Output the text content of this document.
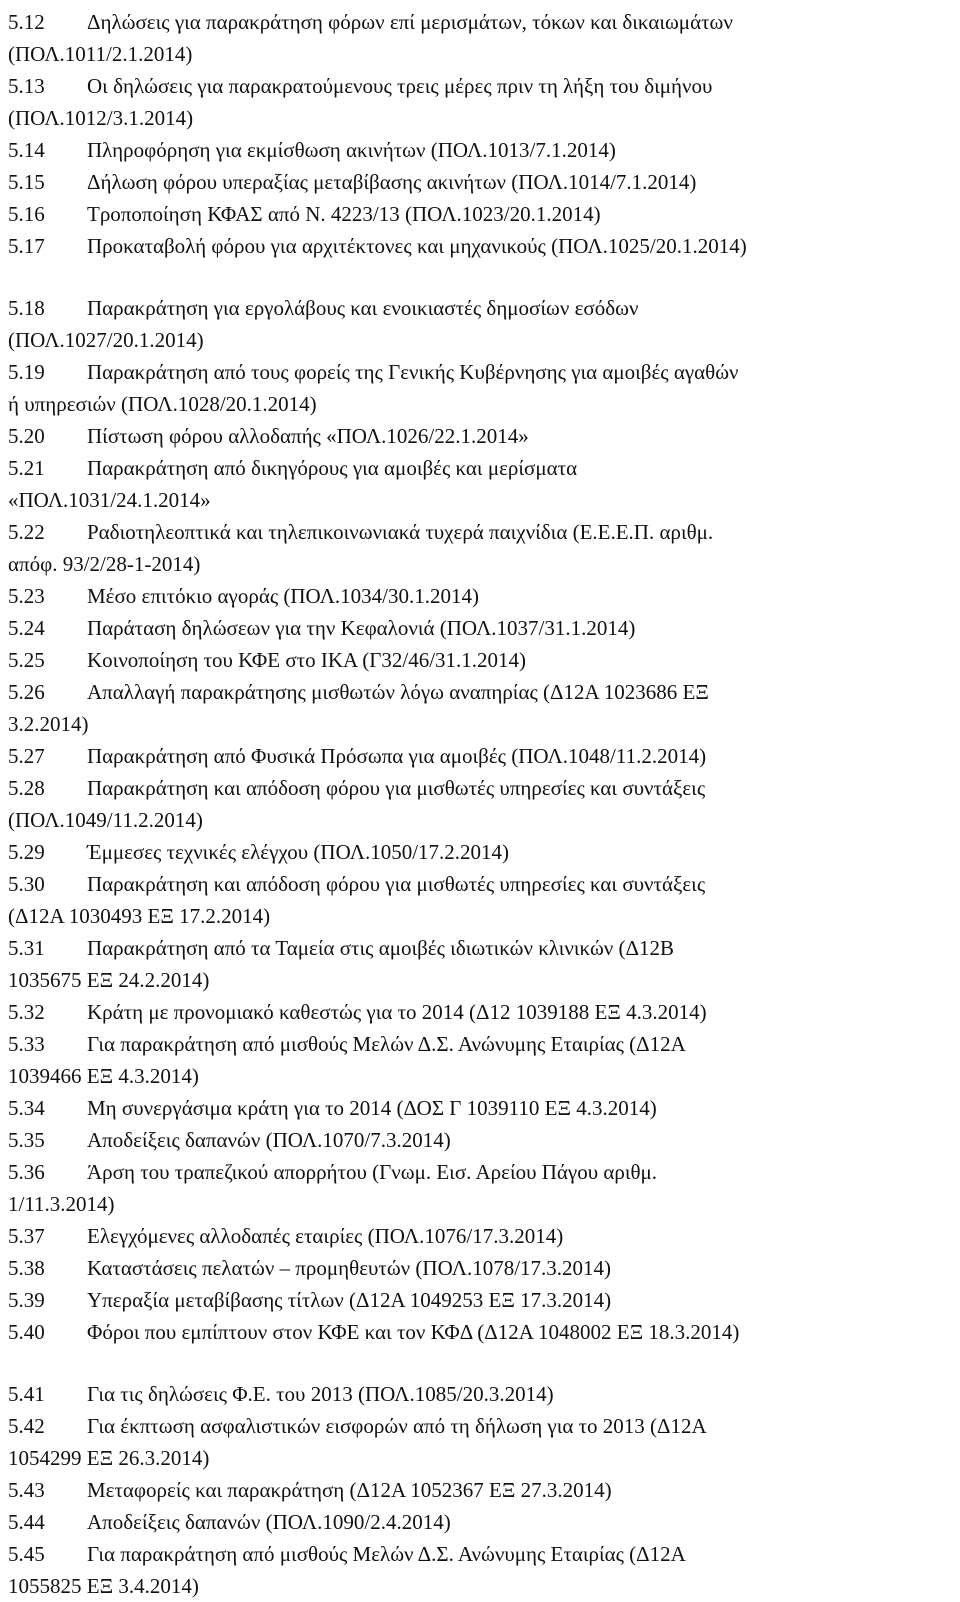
5.12 Δηλώσεις για παρακράτηση φόρων επί μερισμάτων, τόκων και δικαιωμάτων
(ΠΟΛ.1011/2.1.2014)
5.13 Οι δηλώσεις για παρακρατούμενους τρεις μέρες πριν τη λήξη του διμήνου
(ΠΟΛ.1012/3.1.2014)
5.14 Πληροφόρηση για εκμίσθωση ακινήτων (ΠΟΛ.1013/7.1.2014)
5.15 Δήλωση φόρου υπεραξίας μεταβίβασης ακινήτων (ΠΟΛ.1014/7.1.2014)
5.16 Τροποποίηση ΚΦΑΣ από Ν. 4223/13 (ΠΟΛ.1023/20.1.2014)
5.17 Προκαταβολή φόρου για αρχιτέκτονες και μηχανικούς (ΠΟΛ.1025/20.1.2014)
5.18 Παρακράτηση για εργολάβους και ενοικιαστές δημοσίων εσόδων
(ΠΟΛ.1027/20.1.2014)
5.19 Παρακράτηση από τους φορείς της Γενικής Κυβέρνησης για αμοιβές αγαθών
ή υπηρεσιών (ΠΟΛ.1028/20.1.2014)
5.20 Πίστωση φόρου αλλοδαπής «ΠΟΛ.1026/22.1.2014»
5.21 Παρακράτηση από δικηγόρους για αμοιβές και μερίσματα
«ΠΟΛ.1031/24.1.2014»
5.22 Ραδιοτηλεοπτικά και τηλεπικοινωνιακά τυχερά παιχνίδια (Ε.Ε.Ε.Π. αριθμ.
απόφ. 93/2/28-1-2014)
5.23 Μέσο επιτόκιο αγοράς (ΠΟΛ.1034/30.1.2014)
5.24 Παράταση δηλώσεων για την Κεφαλονιά (ΠΟΛ.1037/31.1.2014)
5.25 Κοινοποίηση του ΚΦΕ στο ΙΚΑ (Γ32/46/31.1.2014)
5.26 Απαλλαγή παρακράτησης μισθωτών λόγω αναπηρίας (Δ12Α 1023686 ΕΞ
3.2.2014)
5.27 Παρακράτηση από Φυσικά Πρόσωπα για αμοιβές (ΠΟΛ.1048/11.2.2014)
5.28 Παρακράτηση και απόδοση φόρου για μισθωτές υπηρεσίες και συντάξεις
(ΠΟΛ.1049/11.2.2014)
5.29 Έμμεσες τεχνικές ελέγχου (ΠΟΛ.1050/17.2.2014)
5.30 Παρακράτηση και απόδοση φόρου για μισθωτές υπηρεσίες και συντάξεις
(Δ12Α 1030493 ΕΞ 17.2.2014)
5.31 Παρακράτηση από τα Ταμεία στις αμοιβές ιδιωτικών κλινικών (Δ12Β
1035675 ΕΞ 24.2.2014)
5.32 Κράτη με προνομιακό καθεστώς για το 2014 (Δ12 1039188 ΕΞ 4.3.2014)
5.33 Για παρακράτηση από μισθούς Μελών Δ.Σ. Ανώνυμης Εταιρίας (Δ12Α
1039466 ΕΞ 4.3.2014)
5.34 Μη συνεργάσιμα κράτη για το 2014 (ΔΟΣ Γ 1039110 ΕΞ 4.3.2014)
5.35 Αποδείξεις δαπανών (ΠΟΛ.1070/7.3.2014)
5.36 Άρση του τραπεζικού απορρήτου (Γνωμ. Εισ. Αρείου Πάγου αριθμ.
1/11.3.2014)
5.37 Ελεγχόμενες αλλοδαπές εταιρίες (ΠΟΛ.1076/17.3.2014)
5.38 Καταστάσεις πελατών – προμηθευτών (ΠΟΛ.1078/17.3.2014)
5.39 Υπεραξία μεταβίβασης τίτλων (Δ12Α 1049253 ΕΞ 17.3.2014)
5.40 Φόροι που εμπίπτουν στον ΚΦΕ και τον ΚΦΔ (Δ12Α 1048002 ΕΞ 18.3.2014)
5.41 Για τις δηλώσεις Φ.Ε. του 2013 (ΠΟΛ.1085/20.3.2014)
5.42 Για έκπτωση ασφαλιστικών εισφορών από τη δήλωση για το 2013 (Δ12Α
1054299 ΕΞ 26.3.2014)
5.43 Μεταφορείς και παρακράτηση (Δ12Α 1052367 ΕΞ 27.3.2014)
5.44 Αποδείξεις δαπανών (ΠΟΛ.1090/2.4.2014)
5.45 Για παρακράτηση από μισθούς Μελών Δ.Σ. Ανώνυμης Εταιρίας (Δ12Α
1055825 ΕΞ 3.4.2014)
